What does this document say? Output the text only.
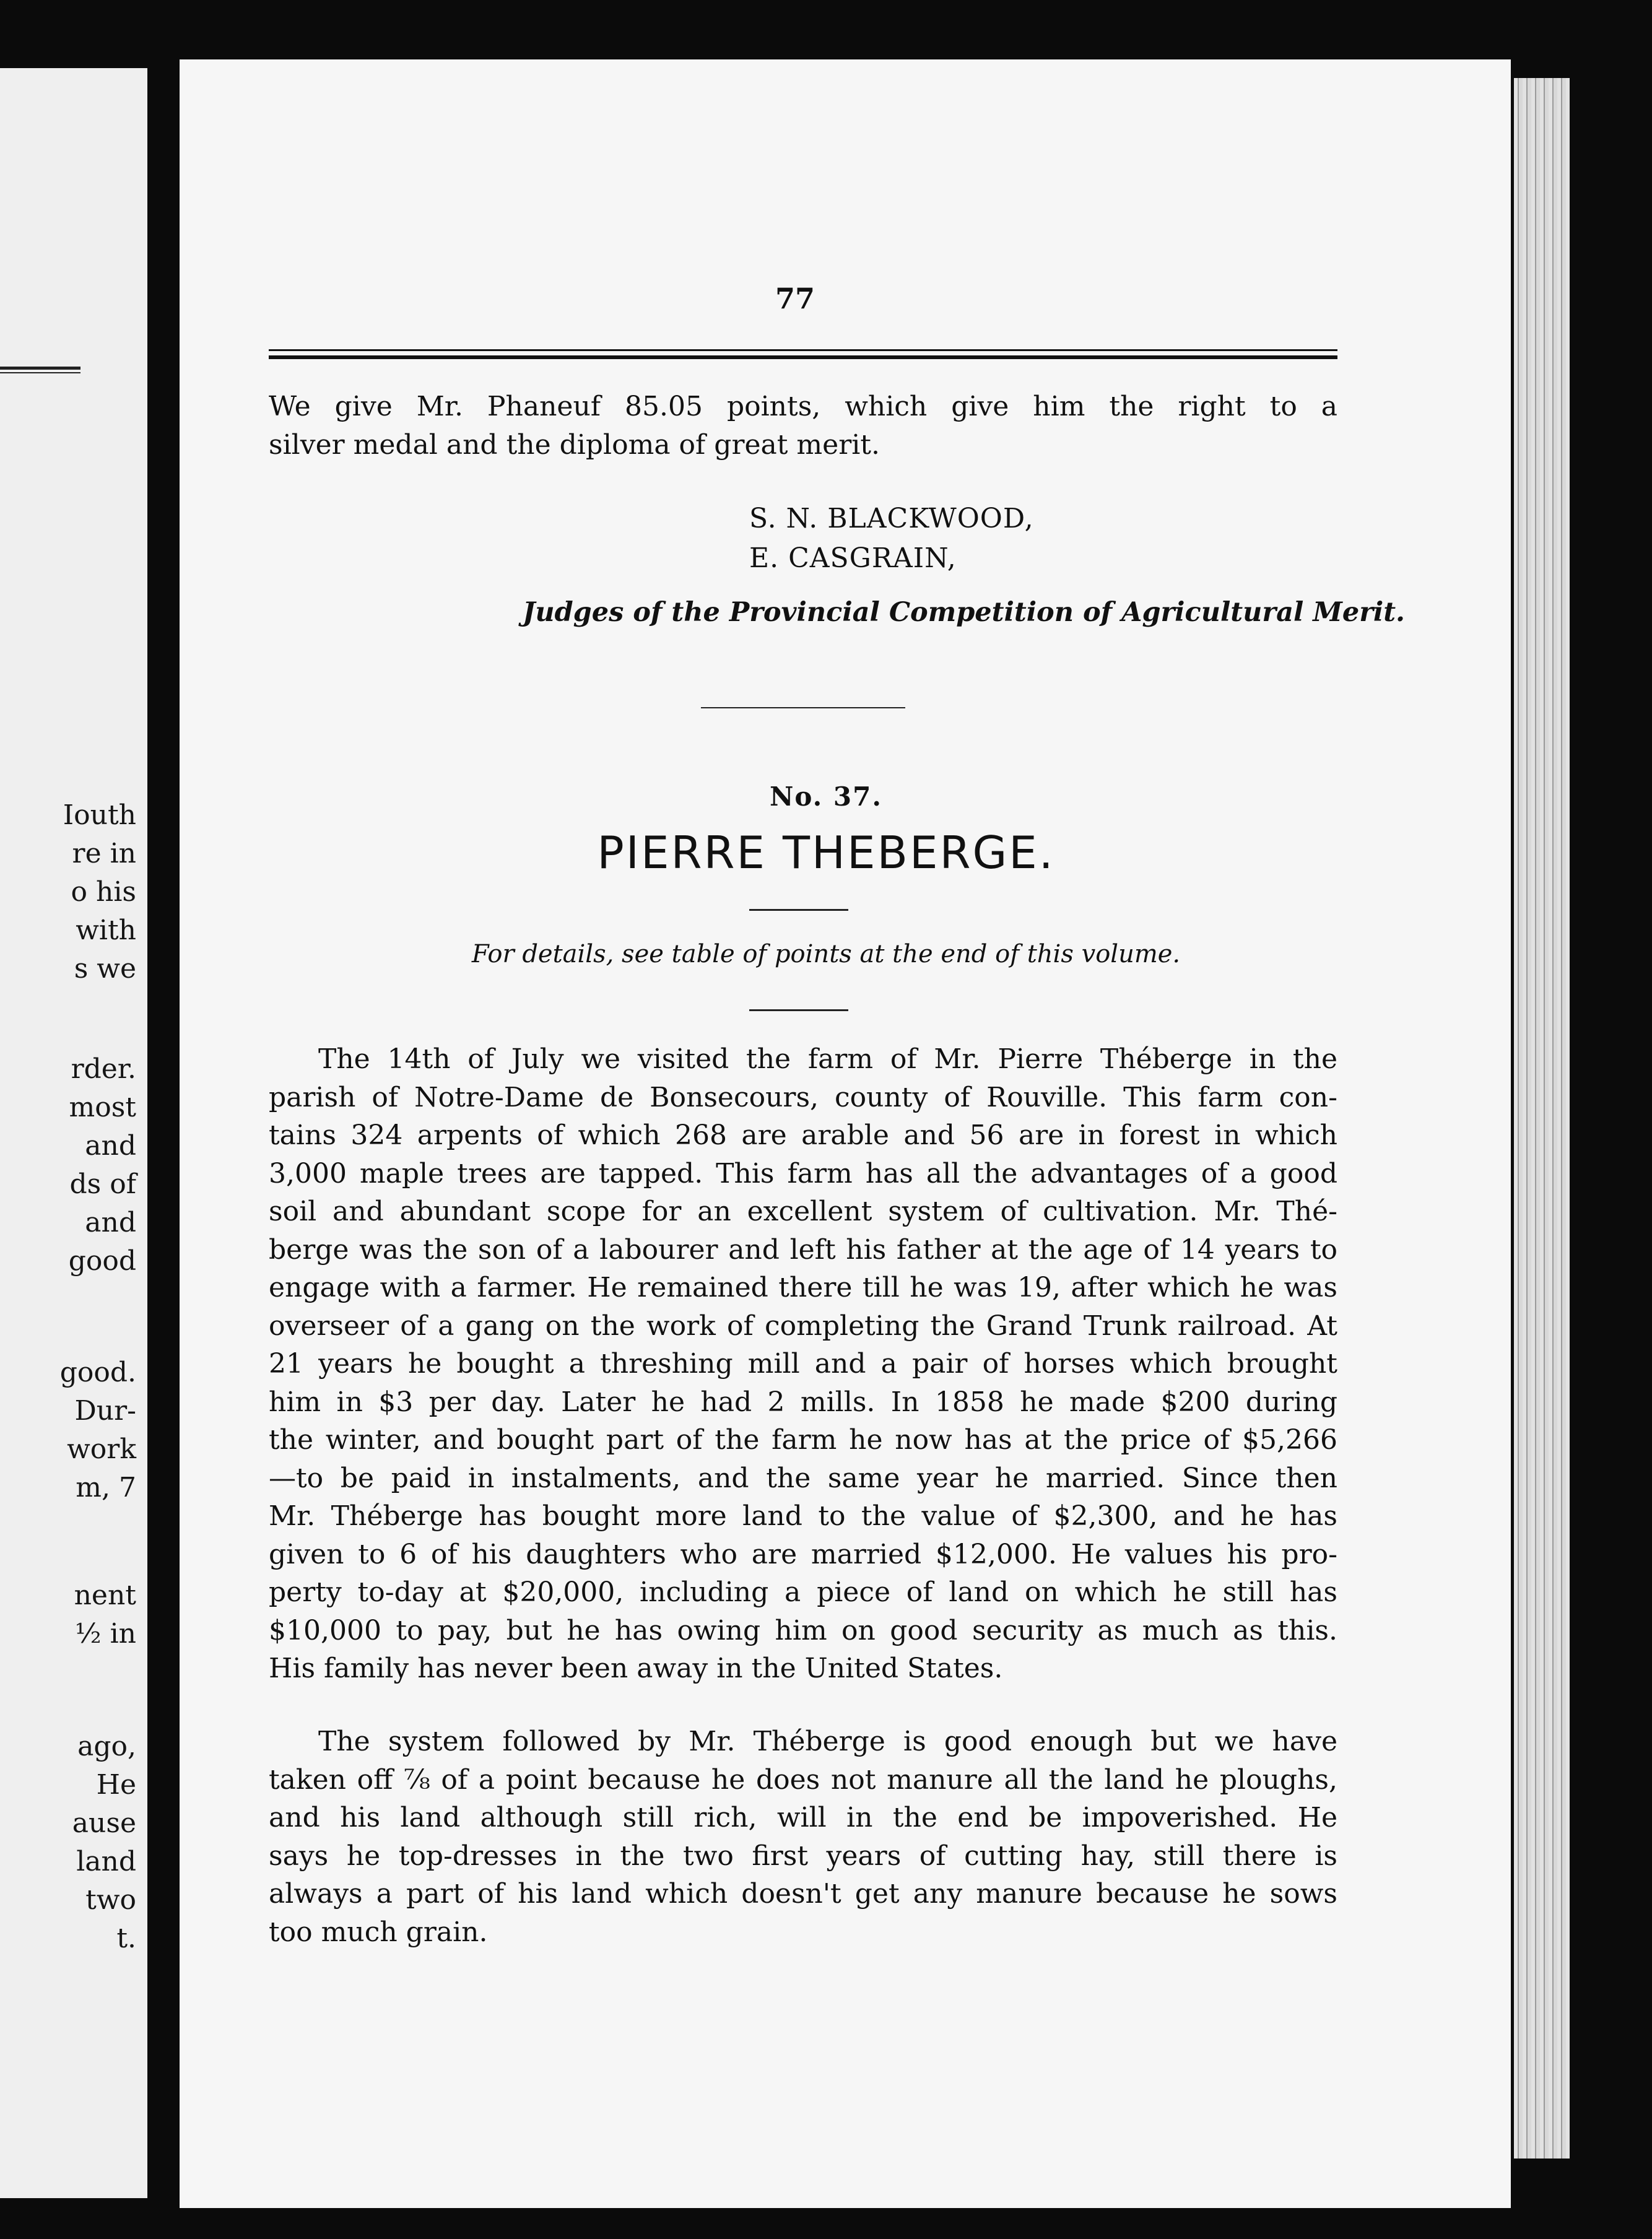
Iouth
re in
o his
with
s we
rder.
most
and
ds of
and
good
good.
Dur-
work
m, 7
nent
½ in
ago,
He
ause
land
two
t.
77
We give Mr. Phaneuf 85.05 points, which give him the right to a
silver medal and the diploma of great merit.
S. N. BLACKWOOD,
E. CASGRAIN,
Judges of the Provincial Competition of Agricultural Merit.
No. 37.
PIERRE THEBERGE.
For details, see table of points at the end of this volume.
The 14th of July we visited the farm of Mr. Pierre Théberge in the
parish of Notre-Dame de Bonsecours, county of Rouville. This farm con-
tains 324 arpents of which 268 are arable and 56 are in forest in which
3,000 maple trees are tapped. This farm has all the advantages of a good
soil and abundant scope for an excellent system of cultivation. Mr. Thé-
berge was the son of a labourer and left his father at the age of 14 years to
engage with a farmer. He remained there till he was 19, after which he was
overseer of a gang on the work of completing the Grand Trunk railroad. At
21 years he bought a threshing mill and a pair of horses which brought
him in $3 per day. Later he had 2 mills. In 1858 he made $200 during
the winter, and bought part of the farm he now has at the price of $5,266
—to be paid in instalments, and the same year he married. Since then
Mr. Théberge has bought more land to the value of $2,300, and he has
given to 6 of his daughters who are married $12,000. He values his pro-
perty to-day at $20,000, including a piece of land on which he still has
$10,000 to pay, but he has owing him on good security as much as this.
His family has never been away in the United States.
The system followed by Mr. Théberge is good enough but we have
taken off ⅞ of a point because he does not manure all the land he ploughs,
and his land although still rich, will in the end be impoverished. He
says he top-dresses in the two first years of cutting hay, still there is
always a part of his land which doesn't get any manure because he sows
too much grain.
